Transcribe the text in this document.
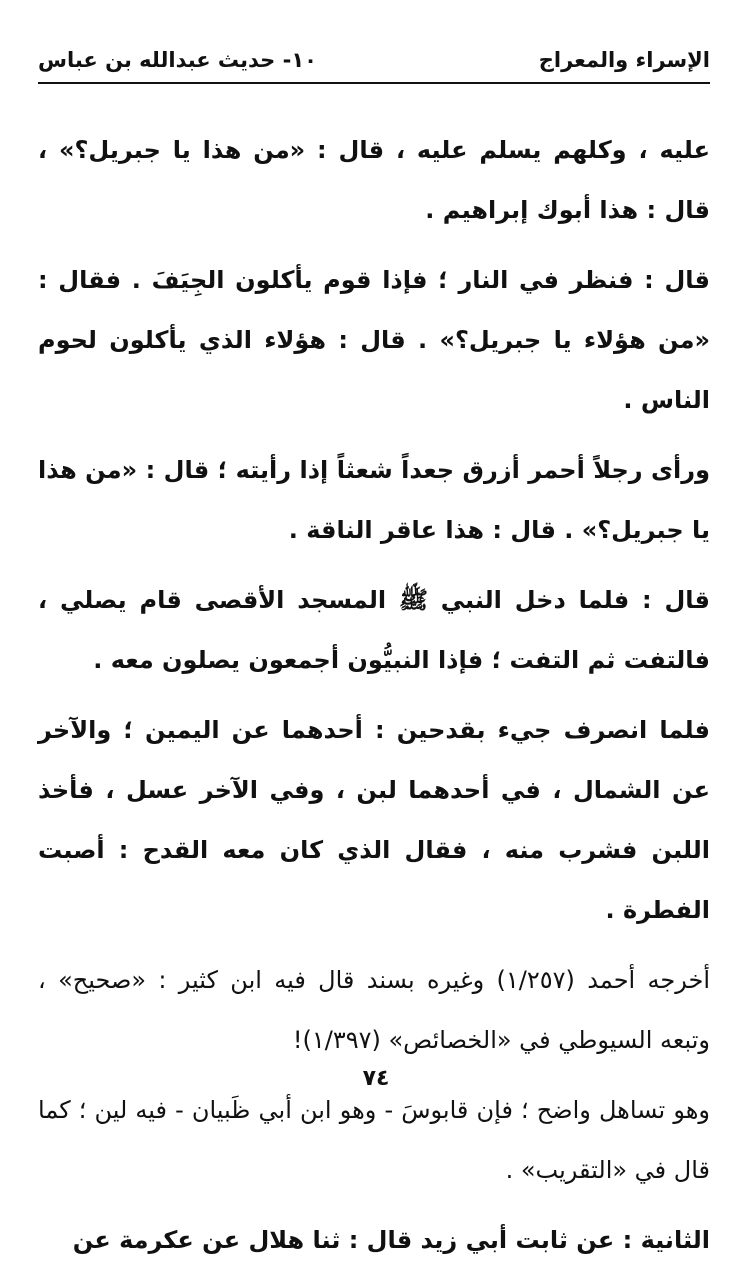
الإسراء والمعراج
١٠- حديث عبدالله بن عباس

عليه ، وكلهم يسلم عليه ، قال : «من هذا يا جبريل؟» ، قال : هذا أبوك إبراهيم .

قال : فنظر في النار ؛ فإذا قوم يأكلون الجِيَفَ . فقال : «من هؤلاء يا جبريل؟» . قال : هؤلاء الذي يأكلون لحوم الناس .

ورأى رجلاً أحمر أزرق جعداً شعثاً إذا رأيته ؛ قال : «من هذا يا جبريل؟» . قال : هذا عاقر الناقة .

قال : فلما دخل النبي ﷺ المسجد الأقصى قام يصلي ، فالتفت ثم التفت ؛ فإذا النبيُّون أجمعون يصلون معه .

فلما انصرف جيء بقدحين : أحدهما عن اليمين ؛ والآخر عن الشمال ، في أحدهما لبن ، وفي الآخر عسل ، فأخذ اللبن فشرب منه ، فقال الذي كان معه القدح : أصبت الفطرة .

أخرجه أحمد (١/٢٥٧) وغيره بسند قال فيه ابن كثير : «صحيح» ، وتبعه السيوطي في «الخصائص» (١/٣٩٧)!

وهو تساهل واضح ؛ فإن قابوسَ - وهو ابن أبي ظَبيان - فيه لين ؛ كما قال في «التقريب» .

الثانية : عن ثابت أبي زيد قال : ثنا هلال عن عكرمة عن

٧٤
